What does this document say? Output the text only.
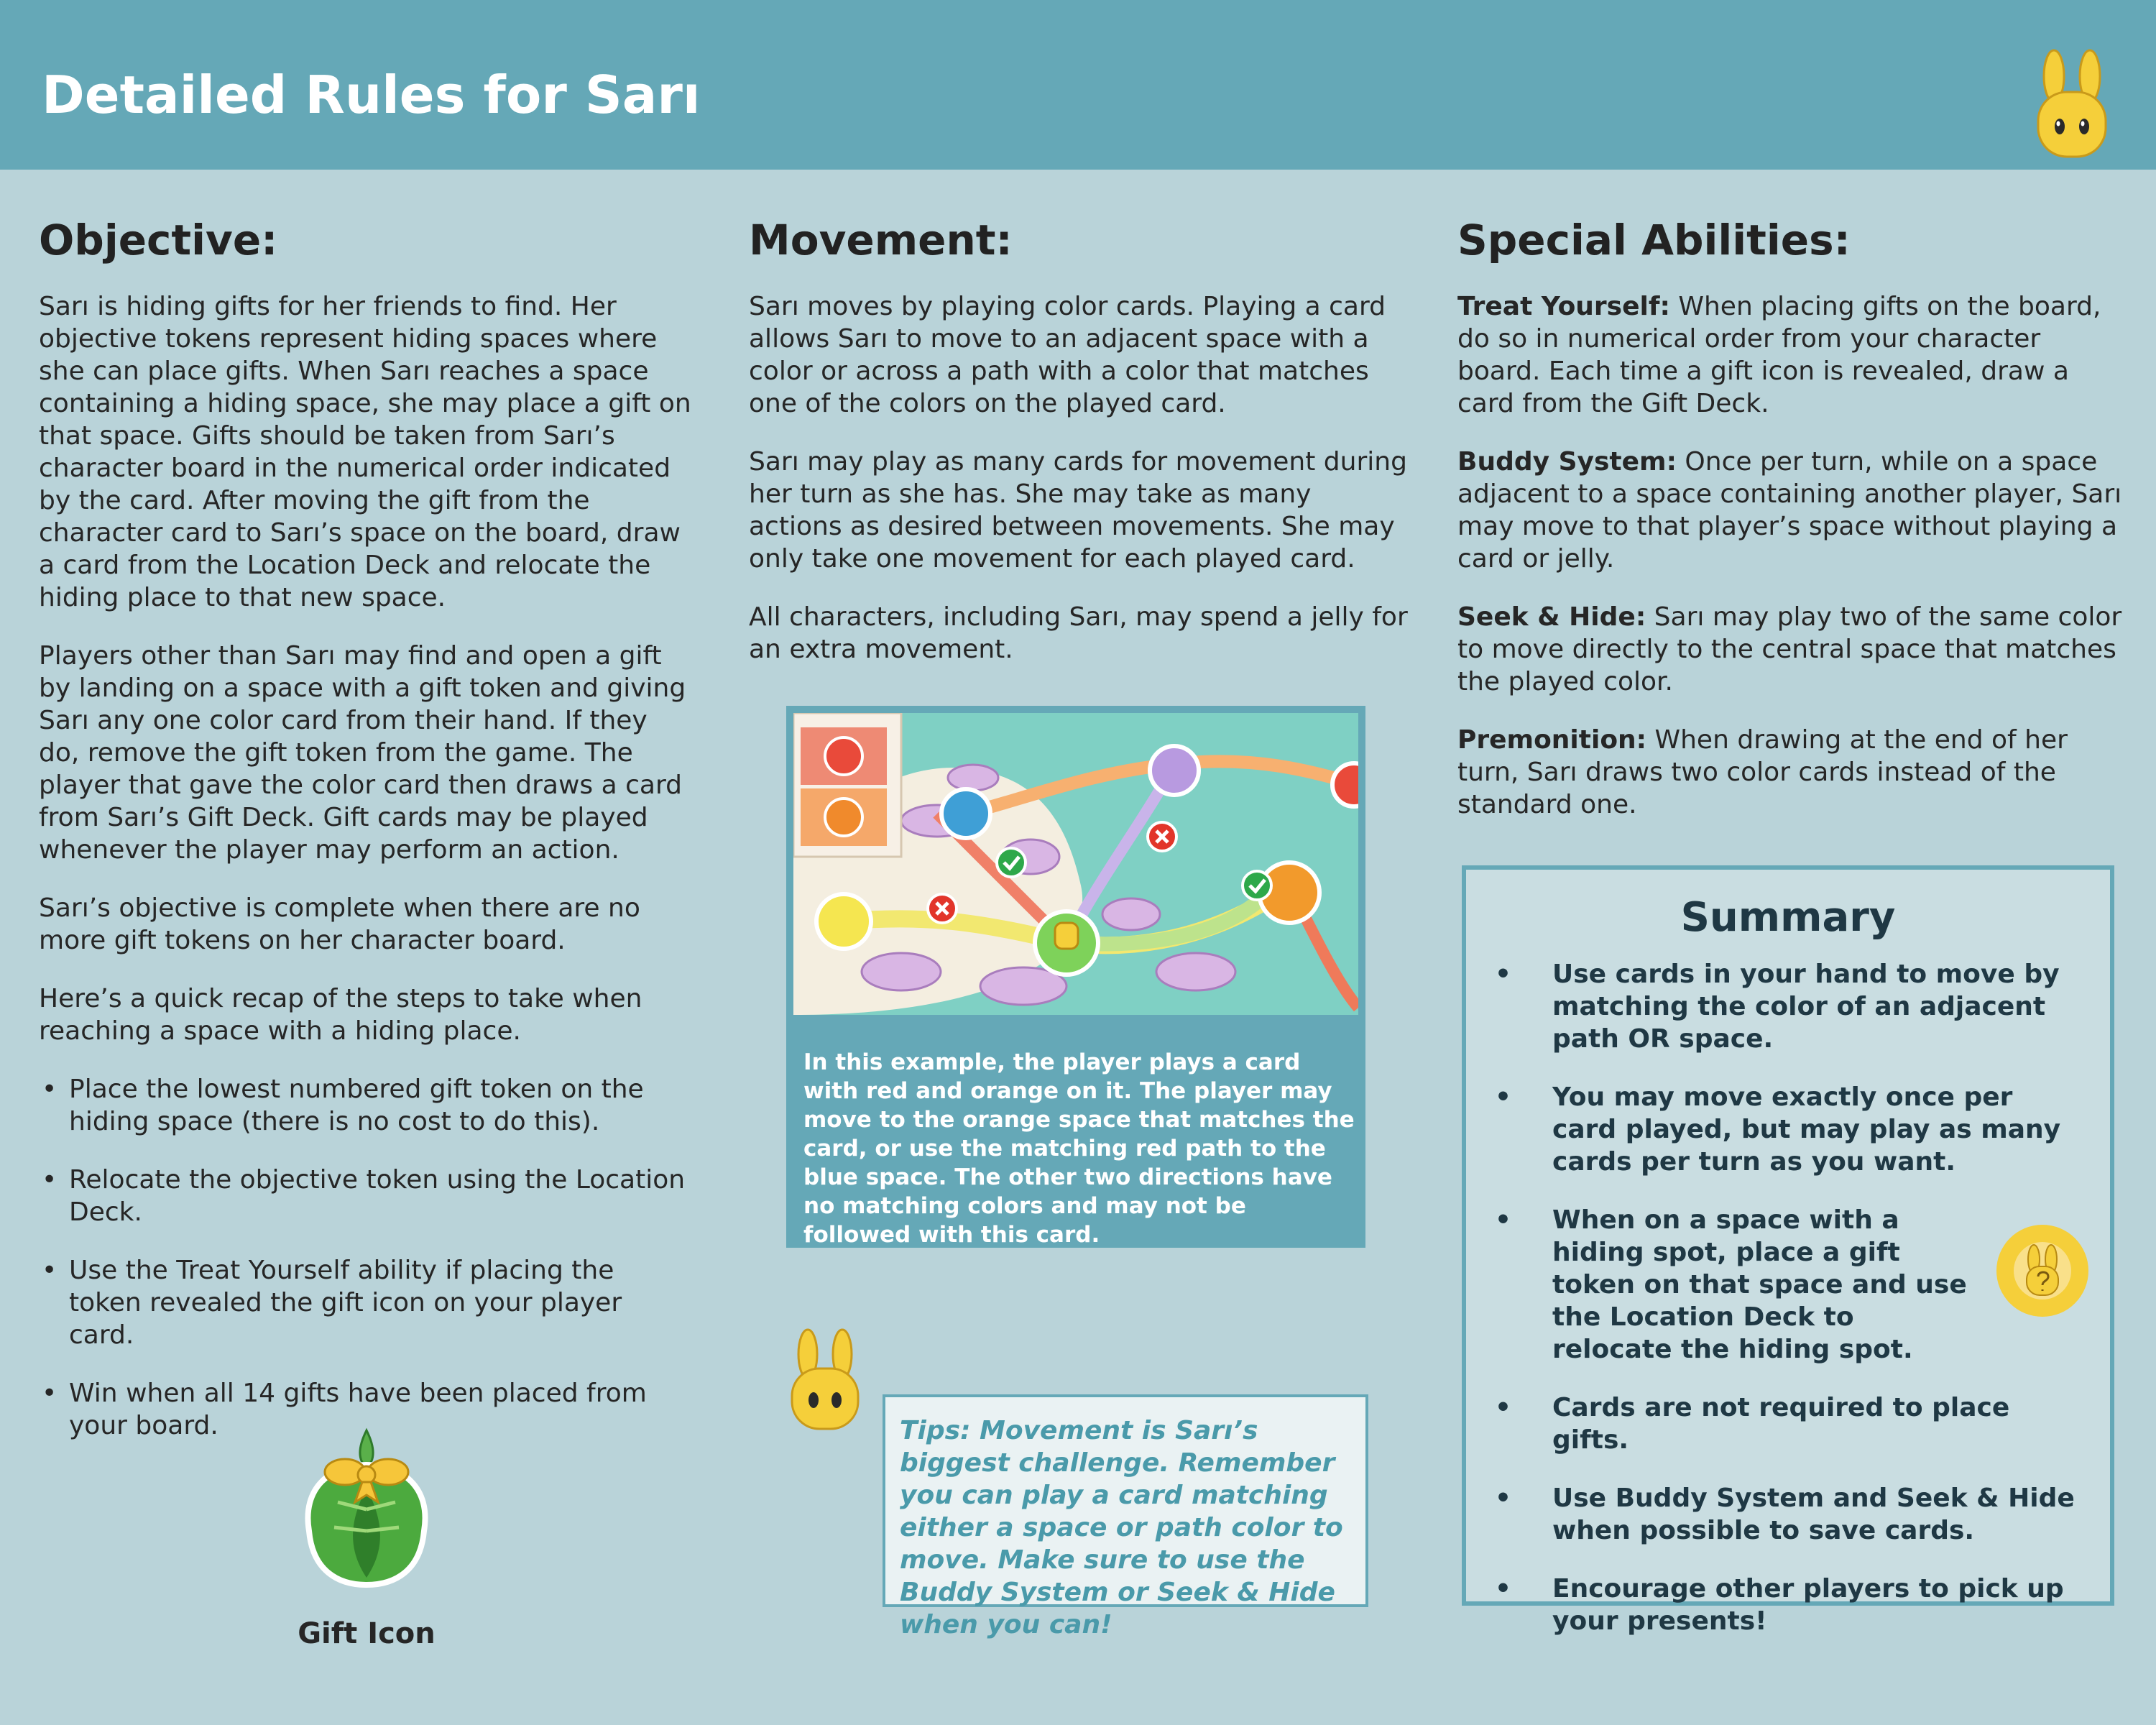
Detailed Rules for Sarı
Objective:

Sarı is hiding gifts for her friends to find. Her objective tokens represent hiding spaces where she can place gifts. When Sarı reaches a space containing a hiding space, she may place a gift on that space. Gifts should be taken from Sarı’s character board in the numerical order indicated by the card. After moving the gift from the character card to Sarı’s space on the board, draw a card from the Location Deck and relocate the hiding place to that new space.

Players other than Sarı may find and open a gift by landing on a space with a gift token and giving Sarı any one color card from their hand. If they do, remove the gift token from the game. The player that gave the color card then draws a card from Sarı’s Gift Deck. Gift cards may be played whenever the player may perform an action.

Sarı’s objective is complete when there are no more gift tokens on her character board.

Here’s a quick recap of the steps to take when reaching a space with a hiding place.

• Place the lowest numbered gift token on the hiding space (there is no cost to do this).
• Relocate the objective token using the Location Deck.
• Use the Treat Yourself ability if placing the token revealed the gift icon on your player card.
• Win when all 14 gifts have been placed from your board.
Gift Icon
Movement:

Sarı moves by playing color cards. Playing a card allows Sarı to move to an adjacent space with a color or across a path with a color that matches one of the colors on the played card.

Sarı may play as many cards for movement during her turn as she has. She may take as many actions as desired between movements. She may only take one movement for each played card.

All characters, including Sarı, may spend a jelly for an extra movement.

In this example, the player plays a card with red and orange on it. The player may move to the orange space that matches the card, or use the matching red path to the blue space. The other two directions have no matching colors and may not be followed with this card.
Tips: Movement is Sarı’s biggest challenge. Remember you can play a card matching either a space or path color to move. Make sure to use the Buddy System or Seek & Hide when you can!
Special Abilities:

Treat Yourself: When placing gifts on the board, do so in numerical order from your character board. Each time a gift icon is revealed, draw a card from the Gift Deck.

Buddy System: Once per turn, while on a space adjacent to a space containing another player, Sarı may move to that player’s space without playing a card or jelly.

Seek & Hide: Sarı may play two of the same color to move directly to the central space that matches the played color.

Premonition: When drawing at the end of her turn, Sarı draws two color cards instead of the standard one.

Summary
• Use cards in your hand to move by matching the color of an adjacent path OR space.
• You may move exactly once per card played, but may play as many cards per turn as you want.
• When on a space with a hiding spot, place a gift token on that space and use the Location Deck to relocate the hiding spot.
• Cards are not required to place gifts.
• Use Buddy System and Seek & Hide when possible to save cards.
• Encourage other players to pick up your presents!
